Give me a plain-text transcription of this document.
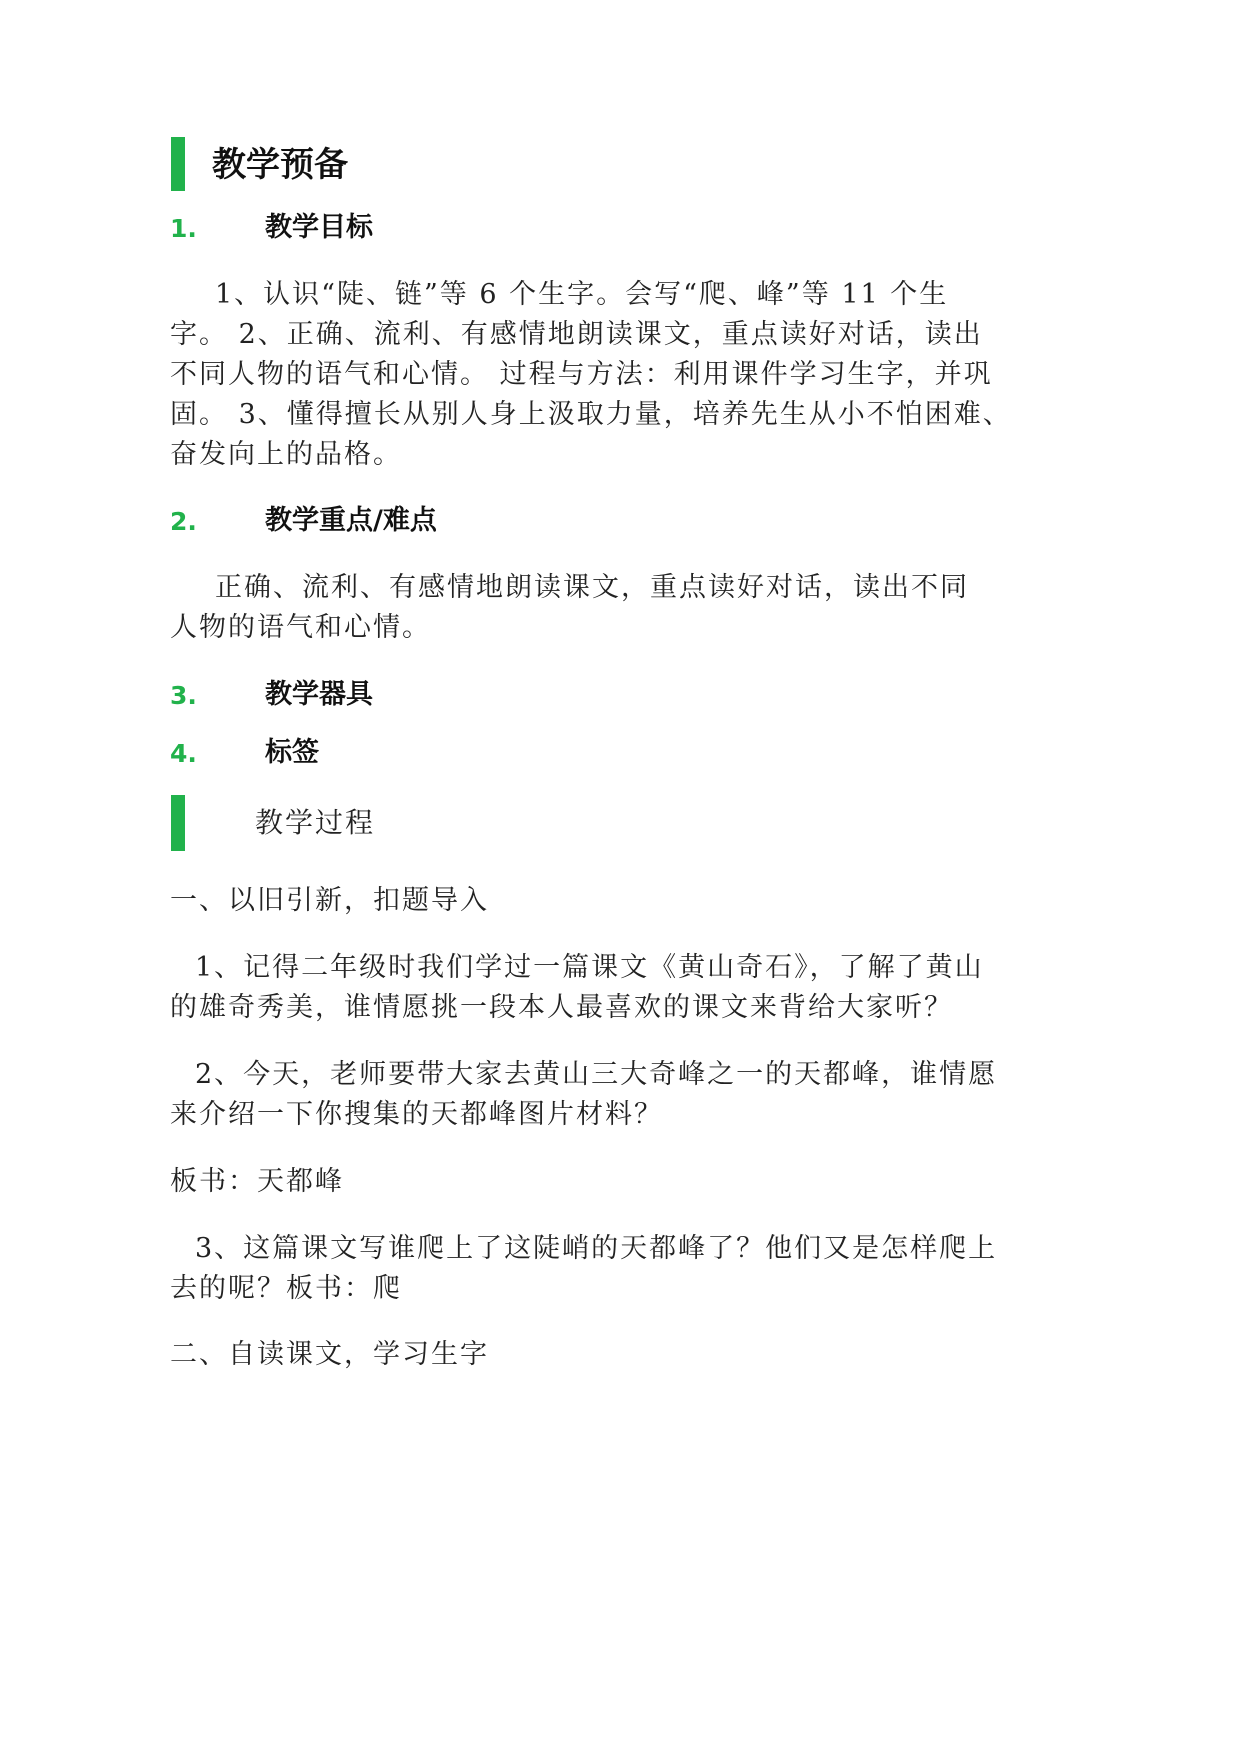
教学预备
1.	教学目标
1、认识“陡、链”等 6 个生字。会写“爬、峰”等 11 个生
字。 2、正确、流利、有感情地朗读课文，重点读好对话，读出
不同人物的语气和心情。 过程与方法：利用课件学习生字，并巩
固。 3、懂得擅长从别人身上汲取力量，培养先生从小不怕困难、
奋发向上的品格。
2.	教学重点/难点
正确、流利、有感情地朗读课文，重点读好对话，读出不同
人物的语气和心情。
3.	教学器具
4.	标签
教学过程
一、以旧引新，扣题导入
1、记得二年级时我们学过一篇课文《黄山奇石》，了解了黄山
的雄奇秀美，谁情愿挑一段本人最喜欢的课文来背给大家听？
2、今天，老师要带大家去黄山三大奇峰之一的天都峰，谁情愿
来介绍一下你搜集的天都峰图片材料？
板书：天都峰
3、这篇课文写谁爬上了这陡峭的天都峰了？他们又是怎样爬上
去的呢？板书：爬
二、自读课文，学习生字
